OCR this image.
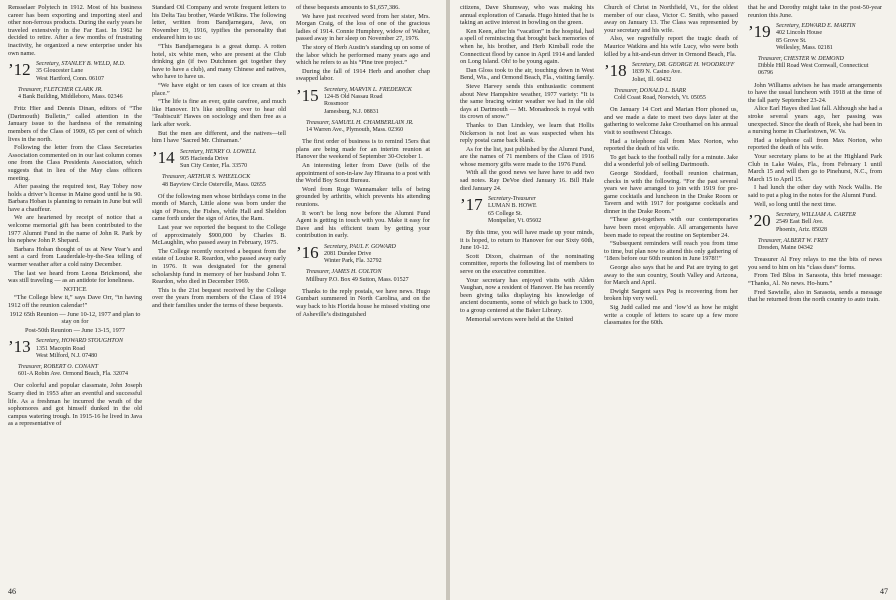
Rensselaer Polytech in 1912. Most of his business career has been exporting and importing steel and other non-ferrous products. During the early years he traveled extensively in the Far East. In 1962 he decided to retire. After a few months of frustrating inactivity, he organized a new enterprise under his own name.

’12 Secretary, STANLEY B. WELD, M.D.
35 Gloucester Lane
West Hartford, Conn. 06107
Treasurer, FLETCHER CLARK JR.
4 Bank Building, Middleboro, Mass. 02346

Fritz Hier and Dennis Dinan, editors of “The (Dartmouth) Bulletin,” called attention in the January issue to the hardness of the remaining members of the Class of 1909, 65 per cent of which lives in the north.

Following the letter from the Class Secretaries Association commented on in our last column comes one from the Class Presidents Association, which suggests that in lieu of the May class officers meeting.

After passing the required test, Ray Tobey now holds a driver’s license in Maine good until he is 90. Barbara Hoban is planning to remain in June but will have a chauffeur.

We are heartened by receipt of notice that a welcome memorial gift has been contributed to the 1977 Alumni Fund in the name of John R. Park by his nephew John P. Shepard.

Barbara Hoban thought of us at New Year’s and sent a card from Lauderdale-by-the-Sea telling of warmer weather after a cold rainy December.

The last we heard from Leona Brickmond, she was still traveling — as an antidote for loneliness.

NOTICE

“The College blew it,” says Dave Orr, “in having 1912 off the reunion calendar!”

1912 65th Reunion — June 10-12, 1977 and plan to stay on for

Post-50th Reunion — June 13-15, 1977

’13 Secretary, HOWARD STOUGHTON
1351 Macopin Road
West Milford, N.J. 07480
Treasurer, ROBERT O. CONANT
601-A Robin Ave. Ormond Beach, Fla. 32074

Our colorful and popular classmate, John Joseph Scarry died in 1953 after an eventful and successful life. As a freshman he incurred the wrath of the sophomores and got himself dunked in the old campus watering trough. In 1915-16 he lived in Java as a representative of

Standard Oil Company and wrote frequent letters to his Delta Tau brother, Warde Wilkins. The following letter, written from Bandjarnegara, Java, on November 19, 1916, typifies the personality that endeared him to us:

“This Bandjarnegara is a great dump. A rotten hotel, six white men, who are present at the Club drinking gin (if two Dutchmen get together they have to have a club), and many Chinese and natives, who have to have us.

“We have eight or ten cases of ice cream at this place.”

“The life is fine an ever, quite carefree, and much like Hanover. It’s like strolling over to hear old ‘Teabiscuit’ Hawes on sociology and then free as a lark after work.

But the men are different, and the natives—tell him I have ‘Sacred Mr. Chinaman.’

’14 Secretary, HENRY O. LOWELL
905 Hacienda Drive
Sun City Center, Fla. 33570
Treasurer, ARTHUR S. WHEELOCK
48 Bayview Circle Osterville, Mass. 02655

Of the following men whose birthdays come in the month of March, Little alone was born under the sign of Pisces, the Fishes, while Hall and Sheldon came forth under the sign of Aries, the Ram.

Last year we reported the bequest to the College of approximately $900,000 by Charles B. McLaughlin, who passed away in February, 1975.

The College recently received a bequest from the estate of Louise R. Reardon, who passed away early in 1976. It was designated for the general scholarship fund in memory of her husband John T. Reardon, who died in December 1969.

This is the 21st bequest received by the College over the years from members of the Class of 1914 and their families under the terms of these bequests.

of these bequests amounts to $1,657,386.

We have just received word from her sister, Mrs. Morgan Craig, of the loss of one of the gracious ladies of 1914. Connie Humphrey, widow of Walter, passed away in her sleep on November 27, 1976.

The story of Herb Austin’s standing up on some of the labor which he performed many years ago and which he refers to as his “Pine tree project.”

During the fall of 1914 Herb and another chap swapped labor.

’15 Secretary, MARVIN L. FREDERICK
124-B Old Nassau Road
Rossmoor
Jamesburg, N.J. 08831
Treasurer, SAMUEL H. CHAMBERLAIN JR.
14 Warren Ave., Plymouth, Mass. 02360

The first order of business is to remind 15ers that plans are being made for an interim reunion at Hanover the weekend of September 30-October 1.

An interesting letter from Dave (tells of the appointment of son-in-law Jay Hirasna to a post with the World Boy Scout Bureau.

Word from Ruge Wannamaker tells of being grounded by arthritis, which prevents his attending reunions.

It won’t be long now before the Alumni Fund Agent is getting in touch with you. Make it easy for Dave and his efficient team by getting your contribution in early.

’16 Secretary, PAUL F. GOWARD
2081 Dundee Drive
Winter Park, Fla. 32792
Treasurer, JAMES H. COLTON
Millbury P.O. Box 49 Sutton, Mass. 01527

Thanks to the reply postals, we have news. Hugo Gumbart summered in North Carolina, and on the way back to his Florida house he missed visiting one of Asheville’s distinguished

46

citizens, Dave Shumway, who was making his annual exploration of Canada. Hugo hinted that he is taking an active interest in bowling on the green.

Ken Keen, after his “vacation” in the hospital, had a spell of reminiscing that brought back memories of when he, his brother, and Herb Kimball rode the Connecticut flood by canoe in April 1914 and landed on Long Island. Oh! to be young again.

Dan Gloss took to the air, touching down in West Bend, Wis., and Ormond Beach, Fla., visiting family.

Steve Harvey sends this enthusiastic comment about New Hampshire weather, 1977 variety: “It is the same bracing winter weather we had in the old days at Dartmouth — Mt. Monadnock is royal with its crown of snow.”

Thanks to Dan Lindsley, we learn that Hollis Nickerson is not lost as was suspected when his reply postal came back blank.

As for the list, just published by the Alumni Fund, are the names of 71 members of the Class of 1916 whose memory gifts were made to the 1976 Fund.

With all the good news we have have to add two sad notes. Ray DeVoe died January 16. Bill Hale died January 24.

’17 Secretary-Treasurer
LUMAN B. HOWE
65 College St.
Montpelier, Vt. 05602

By this time, you will have made up your minds, it is hoped, to return to Hanover for our Sixty 60th, June 10-12.

Scott Dixon, chairman of the nominating committee, reports the following list of members to serve on the executive committee.

Your secretary has enjoyed visits with Alden Vaughan, now a resident of Hanover. He has recently been giving talks displaying his knowledge of ancient documents, some of which go back to 1300, to a group centered at the Baker Library.

Memorial services were held at the United

Church of Christ in Northfield, Vt., for the oldest member of our class, Victor C. Smith, who passed away on January 13. The Class was represented by your secretary and his wife.

Also, we regretfully report the tragic death of Maurice Watkins and his wife Lucy, who were both killed by a hit-and-run driver in Ormond Beach, Fla.

’18 Secretary, DR. GEORGE H. WOODRUFF
1839 N. Casino Ave.
Joliet, Ill. 60432
Treasurer, DONALD L. BARR
Cold Coast Road, Norwich, Vt. 05055

On January 14 Cort and Marian Horr phoned us, and we made a date to meet two days later at the gathering to welcome Jake Crouthamel on his annual visit to southwest Chicago.

Had a telephone call from Max Norton, who reported the death of his wife.

To get back to the football rally for a minute. Jake did a wonderful job of selling Dartmouth.

George Stoddard, football reunion chairman, checks in with the following. “For the past several years we have arranged to join with 1919 for pre-game cocktails and luncheon in the Drake Room or Tavern and with 1917 for postgame cocktails and dinner in the Drake Room.”

“These get-togethers with our contemporaries have been most enjoyable. All arrangements have been made to repeat the routine on September 24.

“Subsequent reminders will reach you from time to time, but plan now to attend this only gathering of ’18ers before our 60th reunion in June 1978!!”

George also says that he and Pat are trying to get away to the sun country, South Valley and Arizona, for March and April.

Dwight Sargent says Peg is recovering from her broken hip very well.

Sig Judd called me and ’low’d as how he might write a couple of letters to scare up a few more classmates for the 60th.

that he and Dorothy might take in the post-50-year reunion this June.

’19 Secretary, EDWARD E. MARTIN
402 Lincoln House
85 Grove St.
Wellesley, Mass. 02181
Treasurer, CHESTER W. DEMOND
Dibble Hill Road West Cornwall, Connecticut 06796

John Williams advises he has made arrangements to have the usual luncheon with 1918 at the time of the fall party September 23-24.

Alice Earl Hayes died last fall. Although she had a stroke several years ago, her passing was unexpected. Since the death of Reek, she had been in a nursing home in Charlestown, W. Va.

Had a telephone call from Max Norton, who reported the death of his wife.

Your secretary plans to be at the Highland Park Club in Lake Wales, Fla., from February 1 until March 15 and will then go to Pinehurst, N.C., from March 15 to April 15.

I had lunch the other day with Nock Wallis. He said to put a plug in the notes for the Alumni Fund.

Well, so long until the next time.

’20 Secretary, WILLIAM A. CARTER
2549 East Bell Ave.
Phoenix, Ariz. 85028
Treasurer, ALBERT W. FREY
Dresden, Maine 04342

Treasurer Al Frey relays to me the bits of news you send to him on his “class dues” forms.

From Ted Bliss in Sarasota, this brief message: “Thanks, Al. No news. Ho-hum.”

Fred Sawtelle, also in Sarasota, sends a message that he returned from the north country to auto train.

47
